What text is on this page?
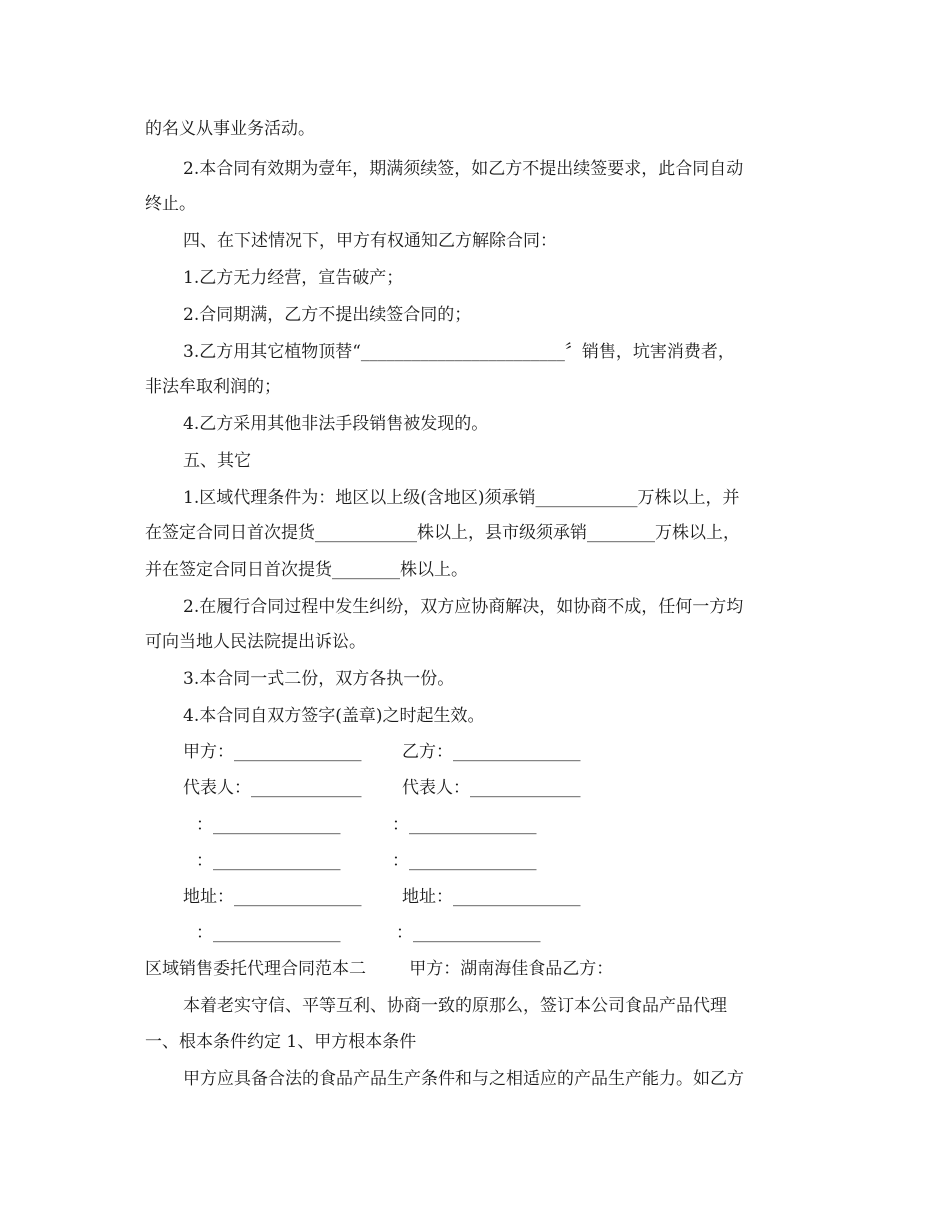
的名义从事业务活动。
2.本合同有效期为壹年，期满须续签，如乙方不提出续签要求，此合同自动
终止。
四、在下述情况下，甲方有权通知乙方解除合同：
1.乙方无力经营，宣告破产；
2.合同期满，乙方不提出续签合同的；
3.乙方用其它植物顶替“________________________〞销售，坑害消费者，
非法牟取利润的；
4.乙方采用其他非法手段销售被发现的。
五、其它
1.区域代理条件为：地区以上级(含地区)须承销____________万株以上，并
在签定合同日首次提货____________株以上，县市级须承销________万株以上，
并在签定合同日首次提货________株以上。
2.在履行合同过程中发生纠纷，双方应协商解决，如协商不成，任何一方均
可向当地人民法院提出诉讼。
3.本合同一式二份，双方各执一份。
4.本合同自双方签字(盖章)之时起生效。
甲方：_______________ 乙方：_______________
代表人：_____________ 代表人：_____________
：_______________	：_______________
：_______________	：_______________
地址：_______________ 地址：_______________
：_______________	：_______________
区域销售委托代理合同范本二        甲方：湖南海佳食品乙方：
本着老实守信、平等互利、协商一致的原那么，签订本公司食品产品代理
一、根本条件约定 1、甲方根本条件
甲方应具备合法的食品产品生产条件和与之相适应的产品生产能力。如乙方
